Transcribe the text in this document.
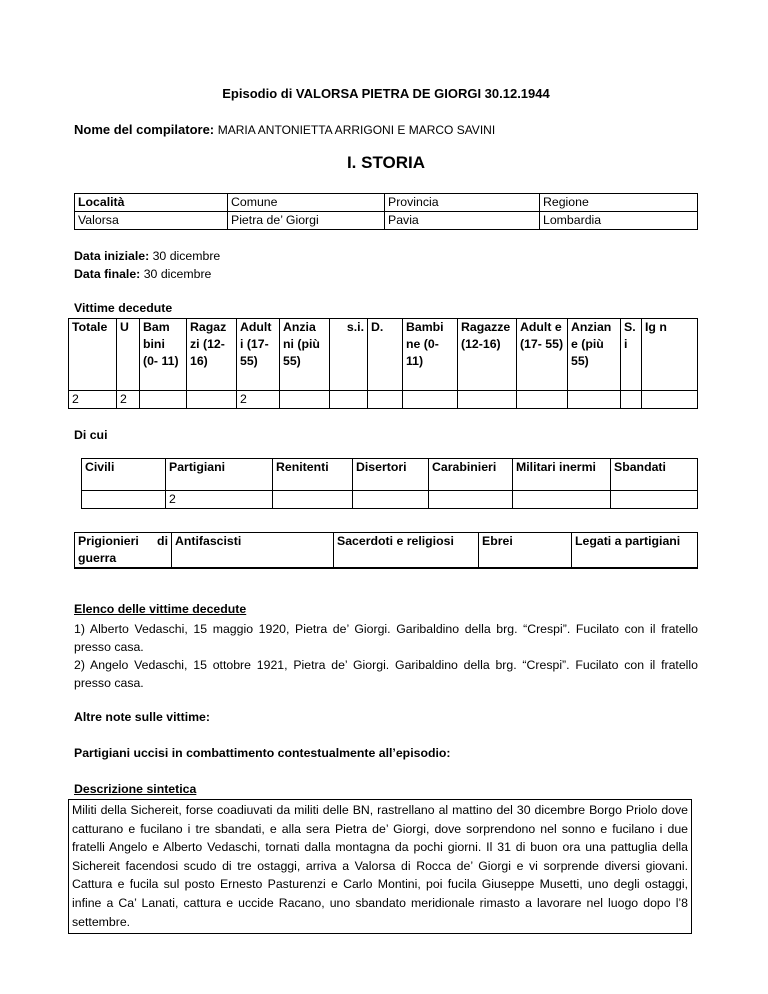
Episodio di VALORSA PIETRA DE GIORGI 30.12.1944
Nome del compilatore: MARIA ANTONIETTA ARRIGONI E MARCO SAVINI
I. STORIA
Località	Comune	Provincia	Regione
Valorsa	Pietra de’ Giorgi	Pavia	Lombardia
Data iniziale: 30 dicembre
Data finale: 30 dicembre
Vittime decedute
Totale	U	Bam bini (0- 11)	Ragaz zi (12- 16)	Adult i (17- 55)	Anzia ni (più 55)	s.i.	D.	Bambi ne (0- 11)	Ragazze (12-16)	Adult e (17- 55)	Anzian e (più 55)	S. i	Ig n
2	2			2									
Di cui
Civili	Partigiani	Renitenti	Disertori	Carabinieri	Militari inermi	Sbandati
	2					
Prigionieri di guerra	Antifascisti	Sacerdoti e religiosi	Ebrei	Legati a partigiani

Elenco delle vittime decedute
1) Alberto Vedaschi, 15 maggio 1920, Pietra de’ Giorgi. Garibaldino della brg. “Crespi”. Fucilato con il fratello presso casa.
2) Angelo Vedaschi, 15 ottobre 1921, Pietra de’ Giorgi. Garibaldino della brg. “Crespi”. Fucilato con il fratello presso casa.
Altre note sulle vittime:
Partigiani uccisi in combattimento contestualmente all’episodio:
Descrizione sintetica
Militi della Sichereit, forse coadiuvati da militi delle BN, rastrellano al mattino del 30 dicembre Borgo Priolo dove catturano e fucilano i tre sbandati, e alla sera Pietra de’ Giorgi, dove sorprendono nel sonno e fucilano i due fratelli Angelo e Alberto Vedaschi, tornati dalla montagna da pochi giorni. Il 31 di buon ora una pattuglia della Sichereit facendosi scudo di tre ostaggi, arriva a Valorsa di Rocca de’ Giorgi e vi sorprende diversi giovani. Cattura e fucila sul posto Ernesto Pasturenzi e Carlo Montini, poi fucila Giuseppe Musetti, uno degli ostaggi, infine a Ca’ Lanati, cattura e uccide Racano, uno sbandato meridionale rimasto a lavorare nel luogo dopo l’8 settembre.
